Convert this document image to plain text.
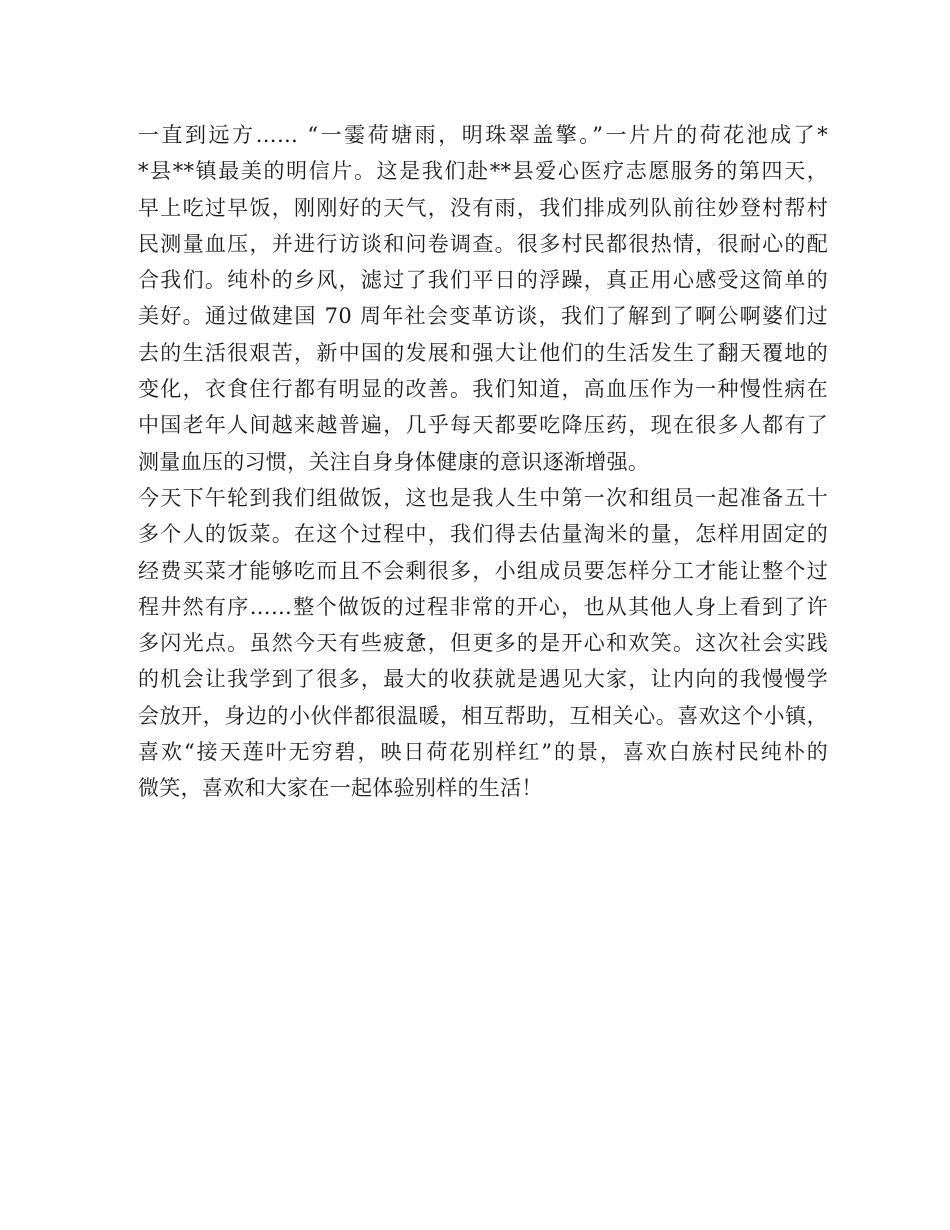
一直到远方…… “一霎荷塘雨，明珠翠盖擎。”一片片的荷花池成了*
*县**镇最美的明信片。这是我们赴**县爱心医疗志愿服务的第四天，
早上吃过早饭，刚刚好的天气，没有雨，我们排成列队前往妙登村帮村
民测量血压，并进行访谈和问卷调查。很多村民都很热情，很耐心的配
合我们。纯朴的乡风，滤过了我们平日的浮躁，真正用心感受这简单的
美好。通过做建国 70 周年社会变革访谈，我们了解到了啊公啊婆们过
去的生活很艰苦，新中国的发展和强大让他们的生活发生了翻天覆地的
变化，衣食住行都有明显的改善。我们知道，高血压作为一种慢性病在
中国老年人间越来越普遍，几乎每天都要吃降压药，现在很多人都有了
测量血压的习惯，关注自身身体健康的意识逐渐增强。
今天下午轮到我们组做饭，这也是我人生中第一次和组员一起准备五十
多个人的饭菜。在这个过程中，我们得去估量淘米的量，怎样用固定的
经费买菜才能够吃而且不会剩很多，小组成员要怎样分工才能让整个过
程井然有序……整个做饭的过程非常的开心，也从其他人身上看到了许
多闪光点。虽然今天有些疲惫，但更多的是开心和欢笑。这次社会实践
的机会让我学到了很多，最大的收获就是遇见大家，让内向的我慢慢学
会放开，身边的小伙伴都很温暖，相互帮助，互相关心。喜欢这个小镇，
喜欢“接天莲叶无穷碧，映日荷花别样红”的景，喜欢白族村民纯朴的
微笑，喜欢和大家在一起体验别样的生活！
